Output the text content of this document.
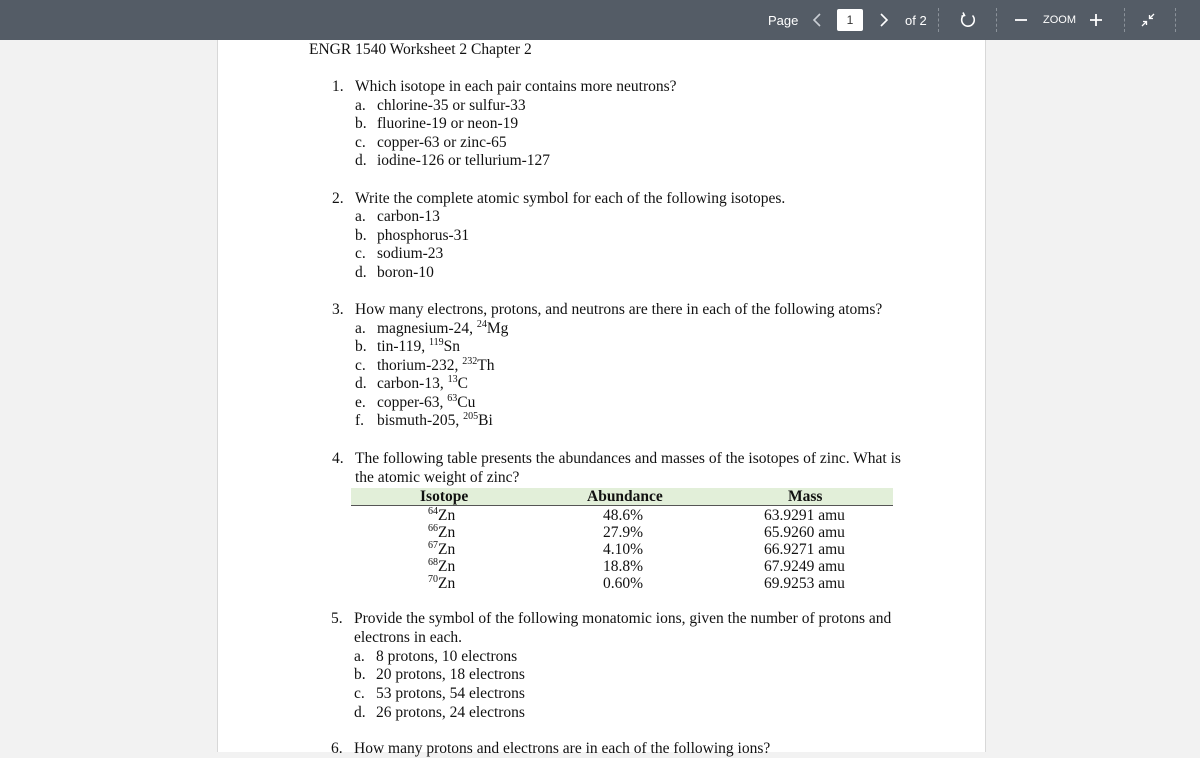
Page	1	of 2	ZOOM
ENGR 1540 Worksheet 2 Chapter 2
1. Which isotope in each pair contains more neutrons?
a. chlorine-35 or sulfur-33
b. fluorine-19 or neon-19
c. copper-63 or zinc-65
d. iodine-126 or tellurium-127
2. Write the complete atomic symbol for each of the following isotopes.
a. carbon-13
b. phosphorus-31
c. sodium-23
d. boron-10
3. How many electrons, protons, and neutrons are there in each of the following atoms?
a. magnesium-24, $^{24}$Mg
b. tin-119, $^{119}$Sn
c. thorium-232, $^{232}$Th
d. carbon-13, $^{13}$C
e. copper-63, $^{63}$Cu
f. bismuth-205, $^{205}$Bi
4. The following table presents the abundances and masses of the isotopes of zinc. What is
the atomic weight of zinc?
Isotope	Abundance	Mass
$^{64}$Zn	48.6%	63.9291 amu
$^{66}$Zn	27.9%	65.9260 amu
$^{67}$Zn	4.10%	66.9271 amu
$^{68}$Zn	18.8%	67.9249 amu
$^{70}$Zn	0.60%	69.9253 amu
5. Provide the symbol of the following monatomic ions, given the number of protons and
electrons in each.
a. 8 protons, 10 electrons
b. 20 protons, 18 electrons
c. 53 protons, 54 electrons
d. 26 protons, 24 electrons
6. How many protons and electrons are in each of the following ions?
